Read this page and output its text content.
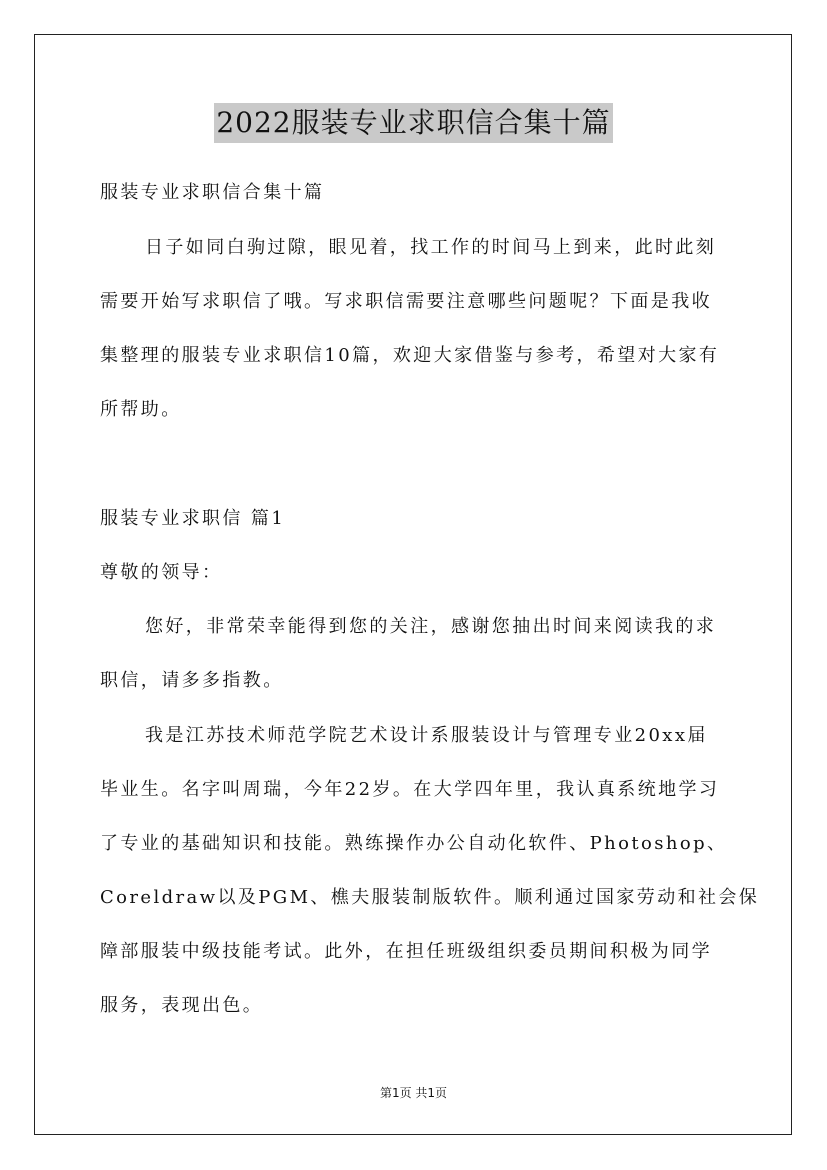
2022服装专业求职信合集十篇
服装专业求职信合集十篇
日子如同白驹过隙，眼见着，找工作的时间马上到来，此时此刻
需要开始写求职信了哦。写求职信需要注意哪些问题呢？下面是我收
集整理的服装专业求职信10篇，欢迎大家借鉴与参考，希望对大家有
所帮助。
服装专业求职信 篇1
尊敬的领导：
您好，非常荣幸能得到您的关注，感谢您抽出时间来阅读我的求
职信，请多多指教。
我是江苏技术师范学院艺术设计系服装设计与管理专业20xx届
毕业生。名字叫周瑞，今年22岁。在大学四年里，我认真系统地学习
了专业的基础知识和技能。熟练操作办公自动化软件、Photoshop、
Coreldraw以及PGM、樵夫服装制版软件。顺利通过国家劳动和社会保
障部服装中级技能考试。此外，在担任班级组织委员期间积极为同学
服务，表现出色。
第1页 共1页
